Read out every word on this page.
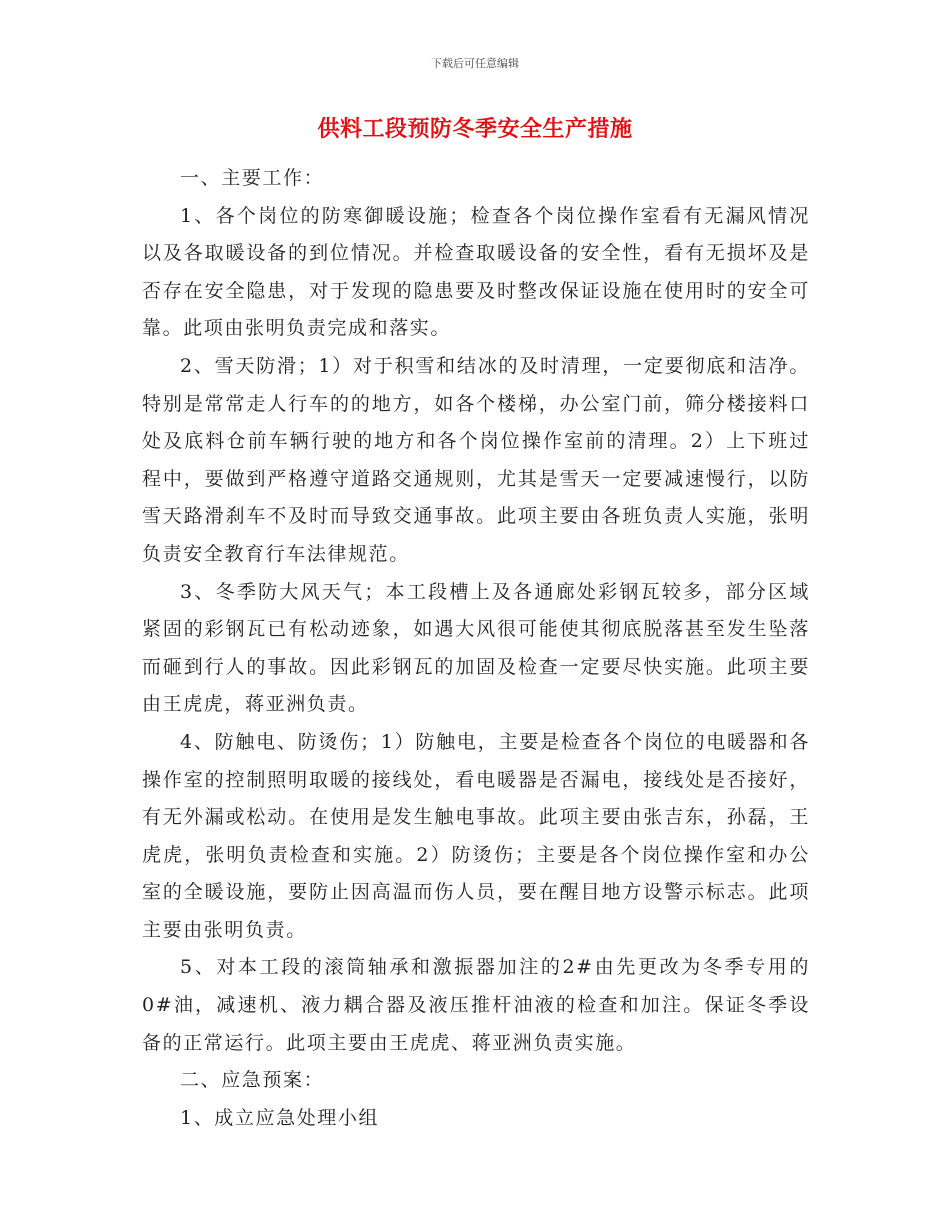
下载后可任意编辑
供料工段预防冬季安全生产措施

一、主要工作：

1、各个岗位的防寒御暖设施；检查各个岗位操作室看有无漏风情况以及各取暖设备的到位情况。并检查取暖设备的安全性，看有无损坏及是否存在安全隐患，对于发现的隐患要及时整改保证设施在使用时的安全可靠。此项由张明负责完成和落实。

2、雪天防滑；1）对于积雪和结冰的及时清理，一定要彻底和洁净。特别是常常走人行车的的地方，如各个楼梯，办公室门前，筛分楼接料口处及底料仓前车辆行驶的地方和各个岗位操作室前的清理。2）上下班过程中，要做到严格遵守道路交通规则，尤其是雪天一定要减速慢行，以防雪天路滑刹车不及时而导致交通事故。此项主要由各班负责人实施，张明负责安全教育行车法律规范。

3、冬季防大风天气；本工段槽上及各通廊处彩钢瓦较多，部分区域紧固的彩钢瓦已有松动迹象，如遇大风很可能使其彻底脱落甚至发生坠落而砸到行人的事故。因此彩钢瓦的加固及检查一定要尽快实施。此项主要由王虎虎，蒋亚洲负责。

4、防触电、防烫伤；1）防触电，主要是检查各个岗位的电暖器和各操作室的控制照明取暖的接线处，看电暖器是否漏电，接线处是否接好，有无外漏或松动。在使用是发生触电事故。此项主要由张吉东，孙磊，王虎虎，张明负责检查和实施。2）防烫伤；主要是各个岗位操作室和办公室的全暖设施，要防止因高温而伤人员，要在醒目地方设警示标志。此项主要由张明负责。

5、对本工段的滚筒轴承和激振器加注的2#由先更改为冬季专用的0#油，减速机、液力耦合器及液压推杆油液的检查和加注。保证冬季设备的正常运行。此项主要由王虎虎、蒋亚洲负责实施。

二、应急预案：

1、成立应急处理小组
